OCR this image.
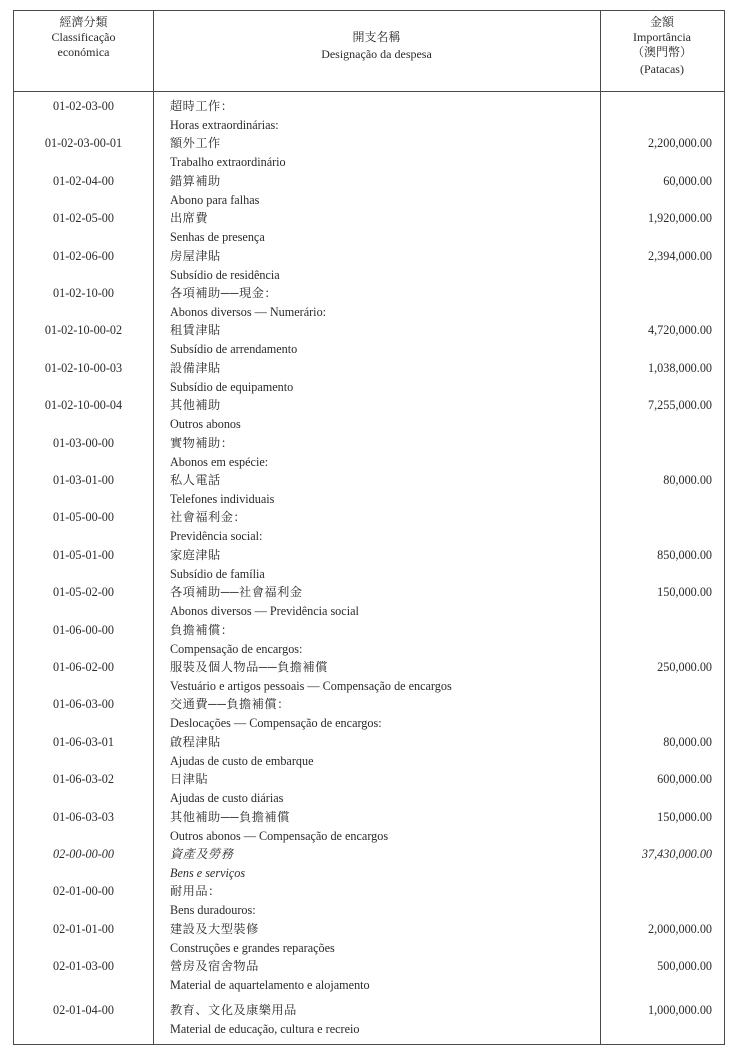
經濟分類
Classificação
económica
開支名稱
Designação da despesa
金額
Importância
（澳門幣）
(Patacas)
01-02-03-00	超時工作：
Horas extraordinárias:
01-02-03-00-01	額外工作
Trabalho extraordinário
2,200,000.00
01-02-04-00	錯算補助
Abono para falhas
60,000.00
01-02-05-00	出席費
Senhas de presença
1,920,000.00
01-02-06-00	房屋津貼
Subsídio de residência
2,394,000.00
01-02-10-00	各項補助──現金：
Abonos diversos — Numerário:
01-02-10-00-02	租賃津貼
Subsídio de arrendamento
4,720,000.00
01-02-10-00-03	設備津貼
Subsídio de equipamento
1,038,000.00
01-02-10-00-04	其他補助
Outros abonos
7,255,000.00
01-03-00-00	實物補助：
Abonos em espécie:
01-03-01-00	私人電話
Telefones individuais
80,000.00
01-05-00-00	社會福利金：
Previdência social:
01-05-01-00	家庭津貼
Subsídio de família
850,000.00
01-05-02-00	各項補助──社會福利金
Abonos diversos — Previdência social
150,000.00
01-06-00-00	負擔補償：
Compensação de encargos:
01-06-02-00	服裝及個人物品──負擔補償
Vestuário e artigos pessoais — Compensação de encargos
250,000.00
01-06-03-00	交通費──負擔補償：
Deslocações — Compensação de encargos:
01-06-03-01	啟程津貼
Ajudas de custo de embarque
80,000.00
01-06-03-02	日津貼
Ajudas de custo diárias
600,000.00
01-06-03-03	其他補助──負擔補償
Outros abonos — Compensação de encargos
150,000.00
02-00-00-00	資產及勞務
Bens e serviços
37,430,000.00
02-01-00-00	耐用品：
Bens duradouros:
02-01-01-00	建設及大型裝修
Construções e grandes reparações
2,000,000.00
02-01-03-00	營房及宿舍物品
Material de aquartelamento e alojamento
500,000.00
02-01-04-00	教育、文化及康樂用品
Material de educação, cultura e recreio
1,000,000.00
